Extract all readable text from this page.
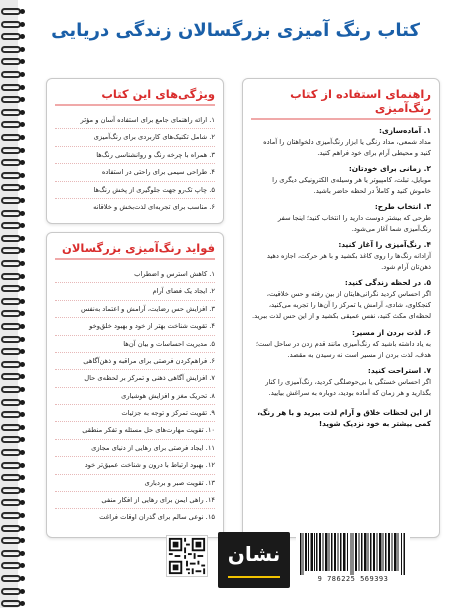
کتاب رنگ آمیزی بزرگسالان زندگی دریایی
راهنمای استفاده از کتاب رنگ‌آمیزی
۱. آماده‌سازی:
مداد شمعی، مداد رنگی یا ابزار رنگ‌آمیزی دلخواهتان را آماده کنید و محیطی آرام برای خود فراهم کنید.
۲. زمانی برای خودتان:
موبایل، تبلت، کامپیوتر یا هر وسیله‌ی الکترونیکی دیگری را خاموش کنید و کاملاً در لحظه حاضر باشید.
۳. انتخاب طرح:
طرحی که بیشتر دوست دارید را انتخاب کنید؛ اینجا سفر رنگ‌آمیزی شما آغاز می‌شود.
۴. رنگ‌آمیزی را آغاز کنید:
آزادانه رنگ‌ها را روی کاغذ بکشید و با هر حرکت، اجازه دهید ذهن‌تان آرام شود.
۵. در لحظه زندگی کنید:
اگر احساس کردید نگرانی‌هایتان از بین رفته و حس خلاقیت، کنجکاوی، شادی، آرامش یا تمرکز را آن‌ها را تجربه می‌کنید، لحظه‌ای مکث کنید، نفس عمیقی بکشید و از این حس لذت ببرید.
۶. لذت بردن از مسیر:
به یاد داشته باشید که رنگ‌آمیزی مانند قدم زدن در ساحل است؛ هدف، لذت بردن از مسیر است نه رسیدن به مقصد.
۷. استراحت کنید:
اگر احساس خستگی یا بی‌حوصلگی کردید، رنگ‌آمیزی را کنار بگذارید و هر زمان که آماده بودید، دوباره به سراغش بیایید.
از این لحظات خلاق و آرام لذت ببرید و با هر رنگ، کمی بیشتر به خود نزدیک شوید!
ویژگی‌های این کتاب
۱. ارائه راهنمای جامع برای استفاده آسان و مؤثر
۲. شامل تکنیک‌های کاربردی برای رنگ‌آمیزی
۳. همراه با چرخه رنگ و روانشناسی رنگ‌ها
۴. طراحی سیمی برای راحتی در استفاده
۵. چاپ تک‌رو جهت جلوگیری از پخش رنگ‌ها
۶. مناسب برای تجربه‌ای لذت‌بخش و خلاقانه
فواید رنگ‌آمیزی بزرگسالان
۱. کاهش استرس و اضطراب
۲. ایجاد یک فضای آرام
۳. افزایش حس رضایت، آرامش و اعتماد به‌نفس
۴. تقویت شناخت بهتر از خود و بهبود خلق‌وخو
۵. مدیریت احساسات و بیان آن‌ها
۶. فراهم‌کردن فرصتی برای مراقبه و ذهن‌آگاهی
۷. افزایش آگاهی ذهنی و تمرکز بر لحظه‌ی حال
۸. تحریک مغز و افزایش هوشیاری
۹. تقویت تمرکز و توجه به جزئیات
۱۰. تقویت مهارت‌های حل مسئله و تفکر منطقی
۱۱. ایجاد فرصتی برای رهایی از دنیای مجازی
۱۲. بهبود ارتباط با درون و شناخت عمیق‌تر خود
۱۳. تقویت صبر و بردباری
۱۴. راهی ایمن برای رهایی از افکار منفی
۱۵. نوعی سالم برای گذران اوقات فراغت
نشان
9 786225 569393
